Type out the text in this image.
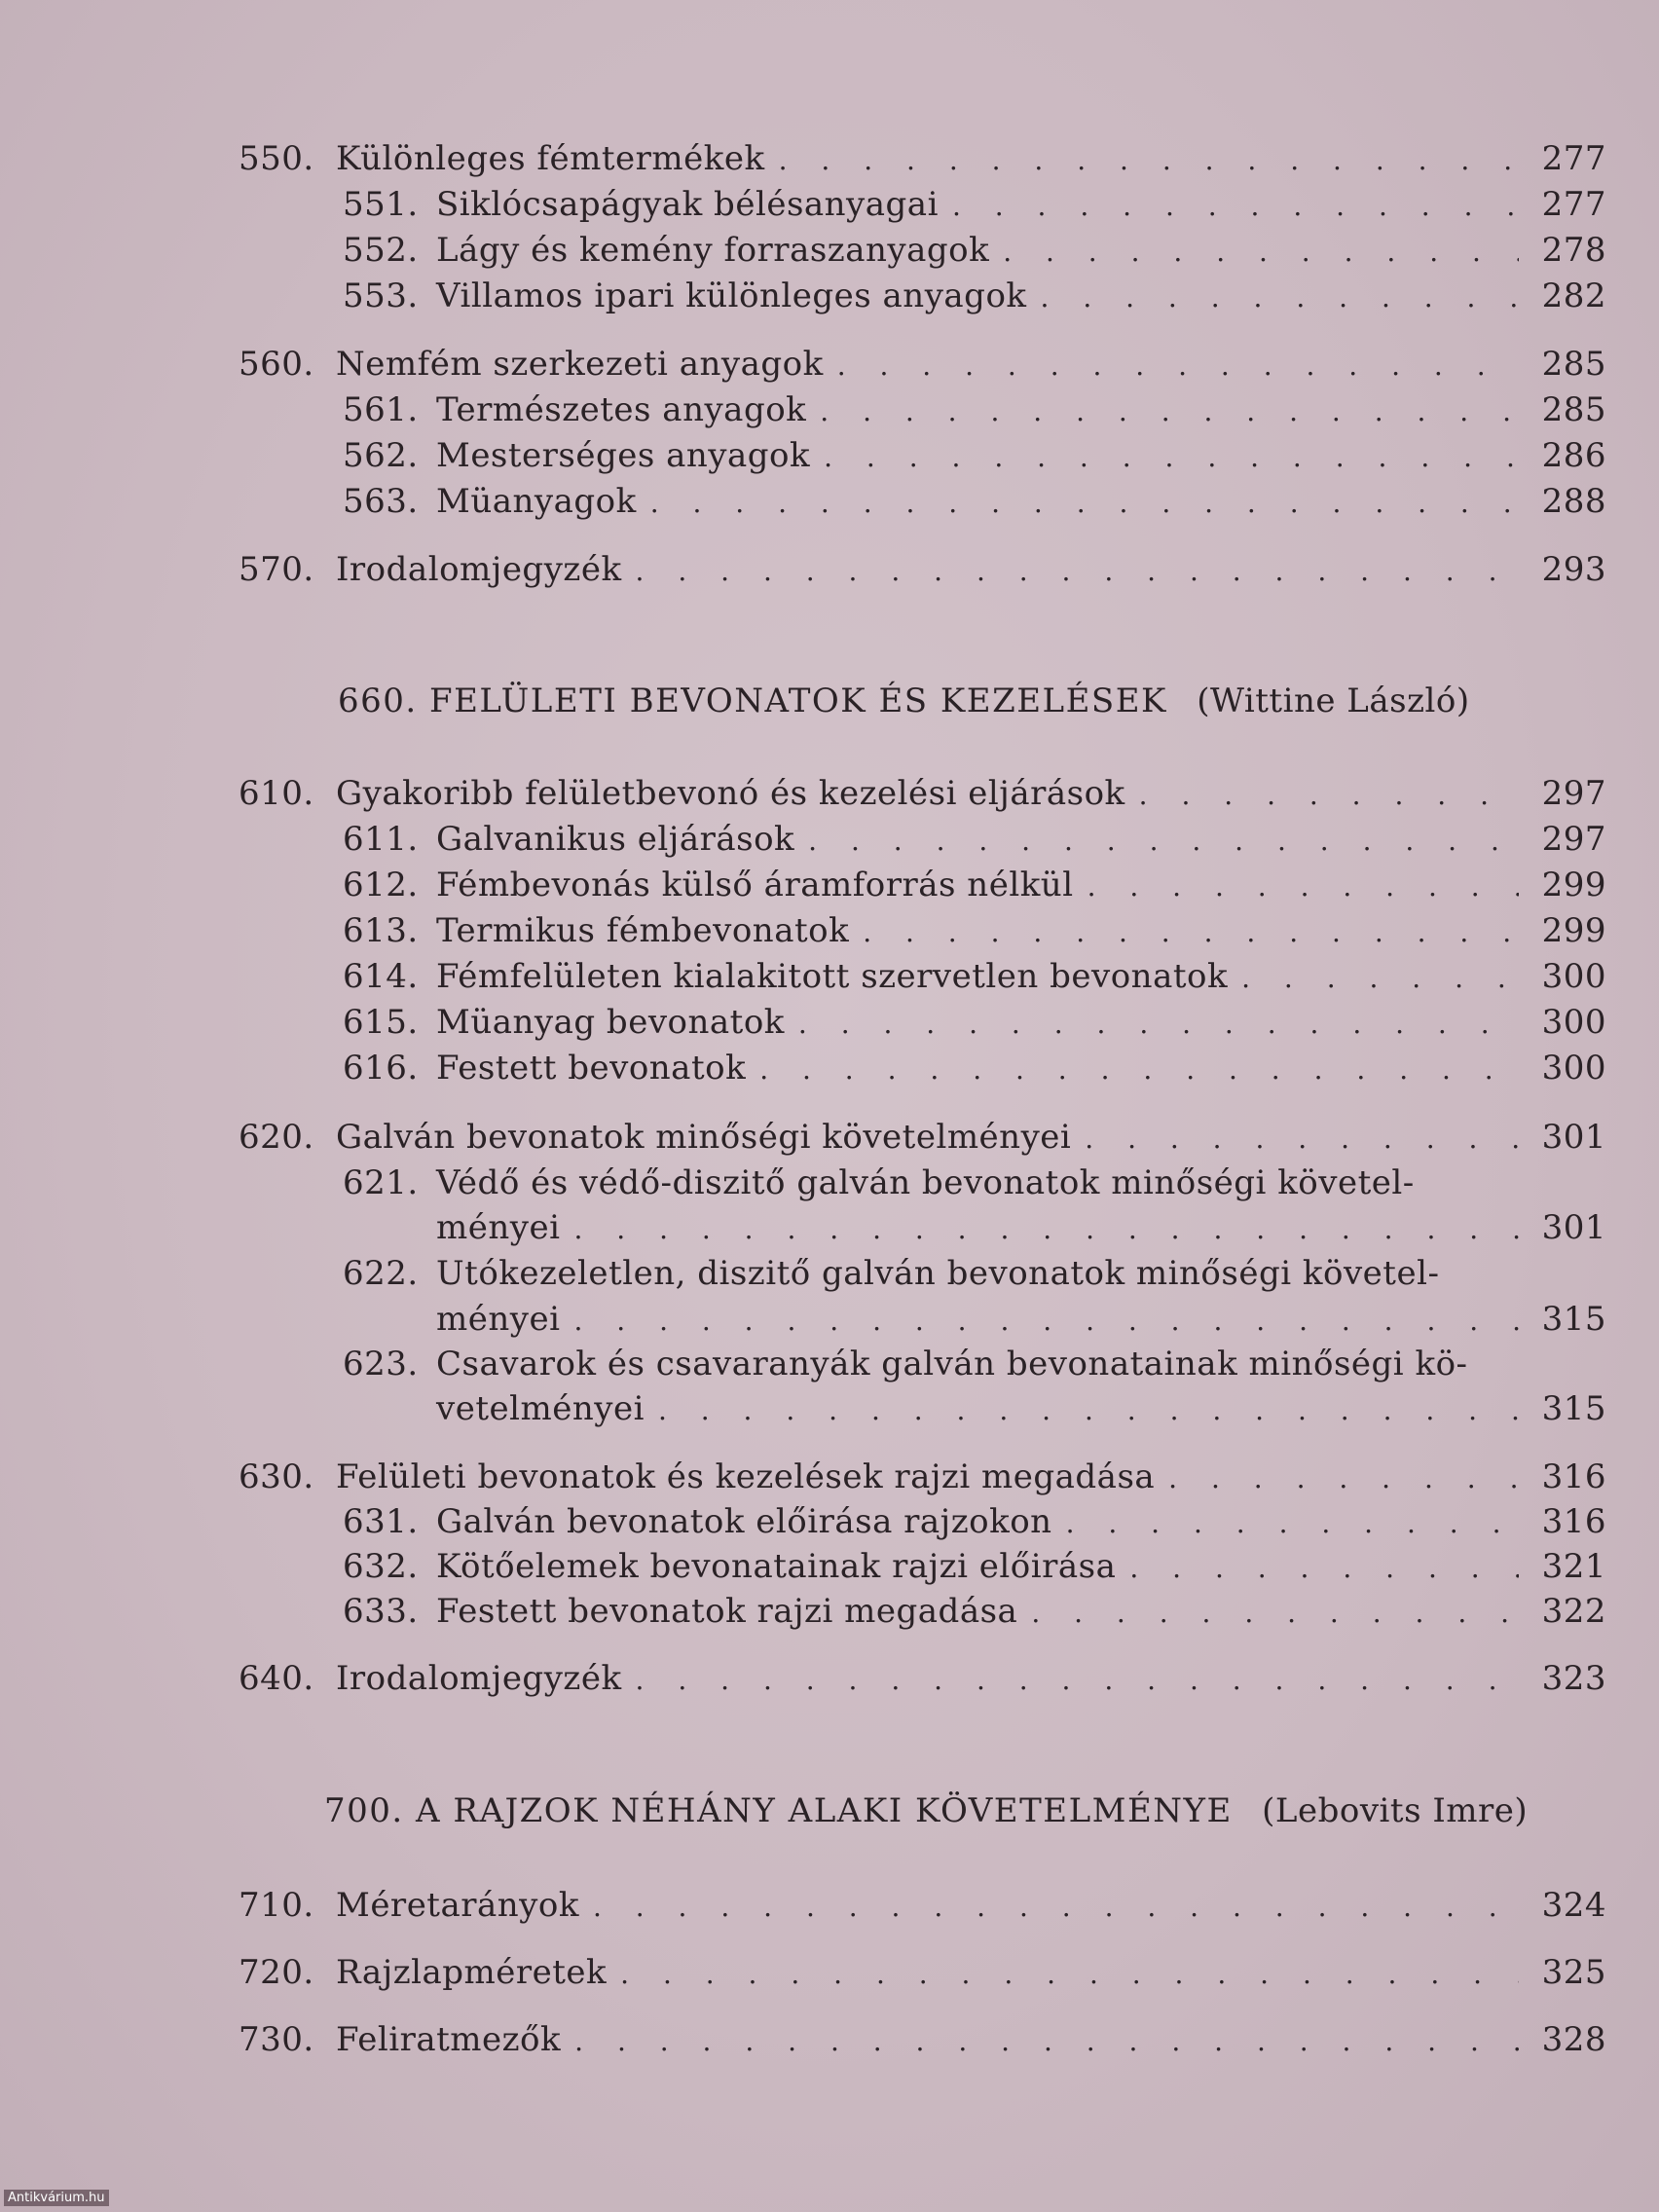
550. Különleges fémtermékek . . .	277
551. Siklócsapágyak bélésanyagai . . .	277
552. Lágy és kemény forraszanyagok . . .	278
553. Villamos ipari különleges anyagok . . .	282
560. Nemfém szerkezeti anyagok . . .	285
561. Természetes anyagok . . .	285
562. Mesterséges anyagok . . .	286
563. Müanyagok . . .	288
570. Irodalomjegyzék . . .	293
660. FELÜLETI BEVONATOK ÉS KEZELÉSEK (Wittine László)
610. Gyakoribb felületbevonó és kezelési eljárások . . .	297
611. Galvanikus eljárások . . .	297
612. Fémbevonás külső áramforrás nélkül . . .	299
613. Termikus fémbevonatok . . .	299
614. Fémfelületen kialakitott szervetlen bevonatok . . .	300
615. Müanyag bevonatok . . .	300
616. Festett bevonatok . . .	300
620. Galván bevonatok minőségi követelményei . . .	301
621. Védő és védő-diszitő galván bevonatok minőségi követel-
ményei . . .	301
622. Utókezeletlen, diszitő galván bevonatok minőségi követel-
ményei . . .	315
623. Csavarok és csavaranyák galván bevonatainak minőségi kö-
vetelményei . . .	315
630. Felületi bevonatok és kezelések rajzi megadása . . .	316
631. Galván bevonatok előirása rajzokon . . .	316
632. Kötőelemek bevonatainak rajzi előirása . . .	321
633. Festett bevonatok rajzi megadása . . .	322
640. Irodalomjegyzék . . .	323
700. A RAJZOK NÉHÁNY ALAKI KÖVETELMÉNYE (Lebovits Imre)
710. Méretarányok . . .	324
720. Rajzlapméretek . . .	325
730. Feliratmezők . . .	328
Antikvárium.hu
